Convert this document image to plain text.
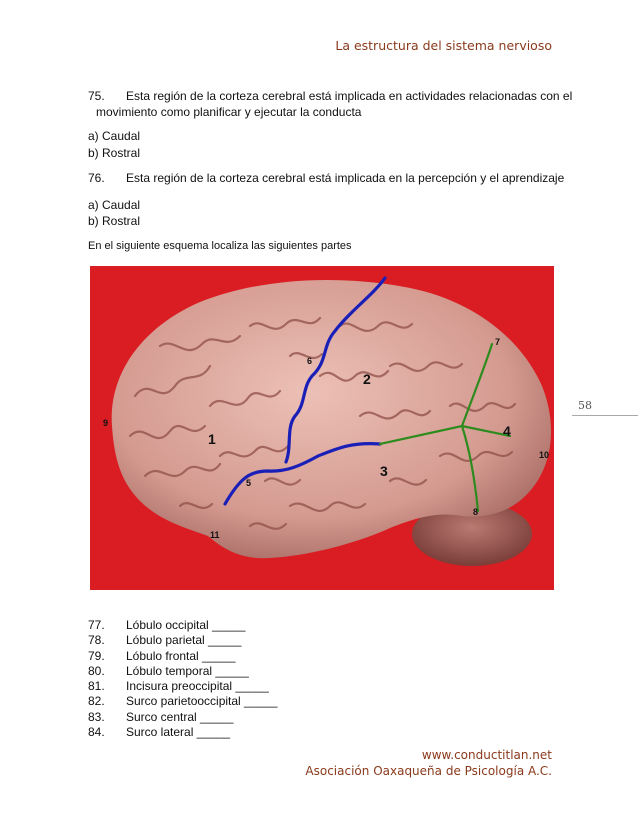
La estructura del sistema nervioso
75. Esta región de la corteza cerebral está implicada en actividades relacionadas con el
movimiento como planificar y ejecutar la conducta
a) Caudal
b) Rostral
76. Esta región de la corteza cerebral está implicada en la percepción y el aprendizaje
a) Caudal
b) Rostral
En el siguiente esquema localiza las siguientes partes
58
1
2
3
4
5
6
7
8
9
10
11
77. Lóbulo occipital _____
78. Lóbulo parietal _____
79. Lóbulo frontal _____
80. Lóbulo temporal _____
81. Incisura preoccipital _____
82. Surco parietooccipital _____
83. Surco central _____
84. Surco lateral _____
www.conductitlan.net
Asociación Oaxaqueña de Psicología A.C.
